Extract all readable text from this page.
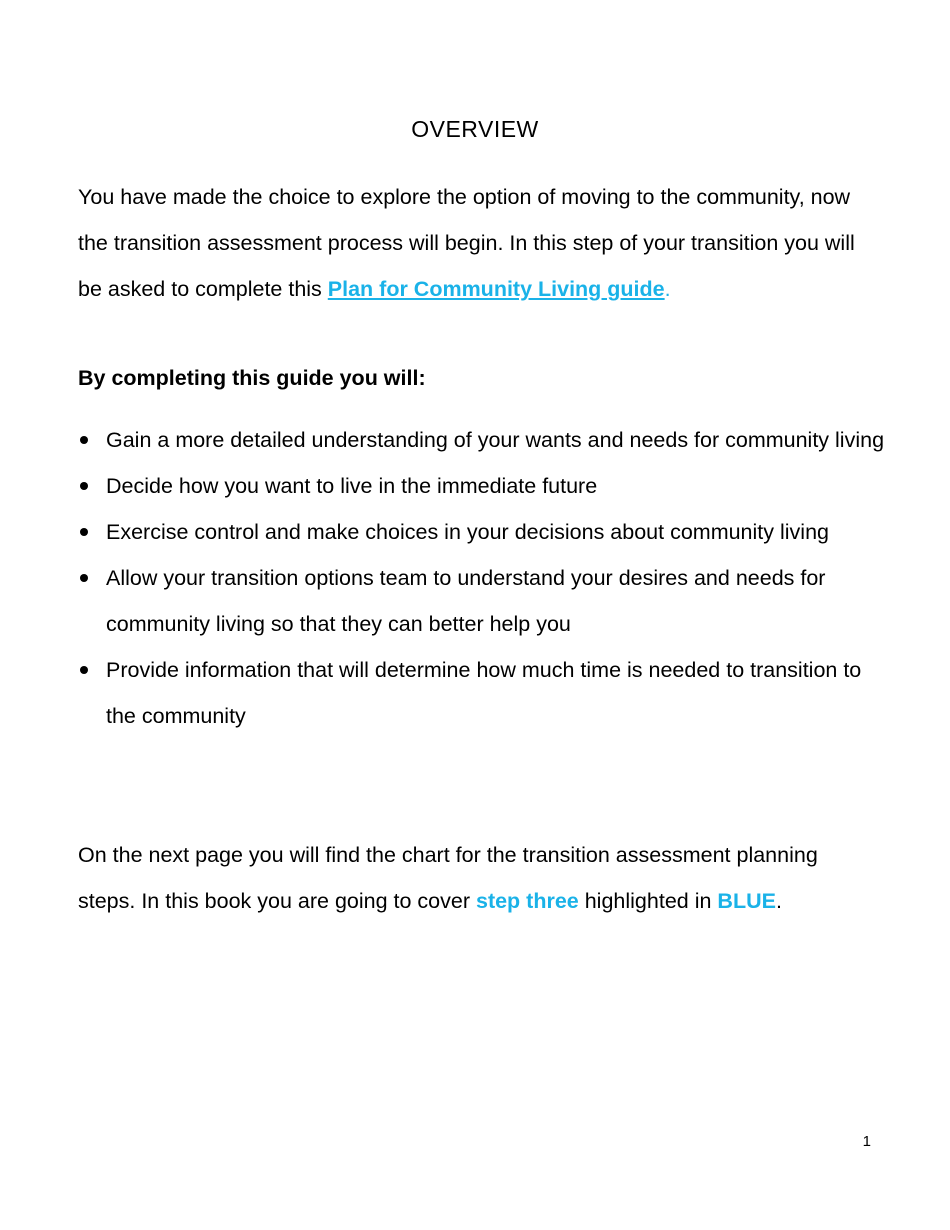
OVERVIEW

You have made the choice to explore the option of moving to the community, now the transition assessment process will begin. In this step of your transition you will be asked to complete this Plan for Community Living guide.

By completing this guide you will:

Gain a more detailed understanding of your wants and needs for community living
Decide how you want to live in the immediate future
Exercise control and make choices in your decisions about community living
Allow your transition options team to understand your desires and needs for community living so that they can better help you
Provide information that will determine how much time is needed to transition to the community

On the next page you will find the chart for the transition assessment planning steps. In this book you are going to cover step three highlighted in BLUE.

1
